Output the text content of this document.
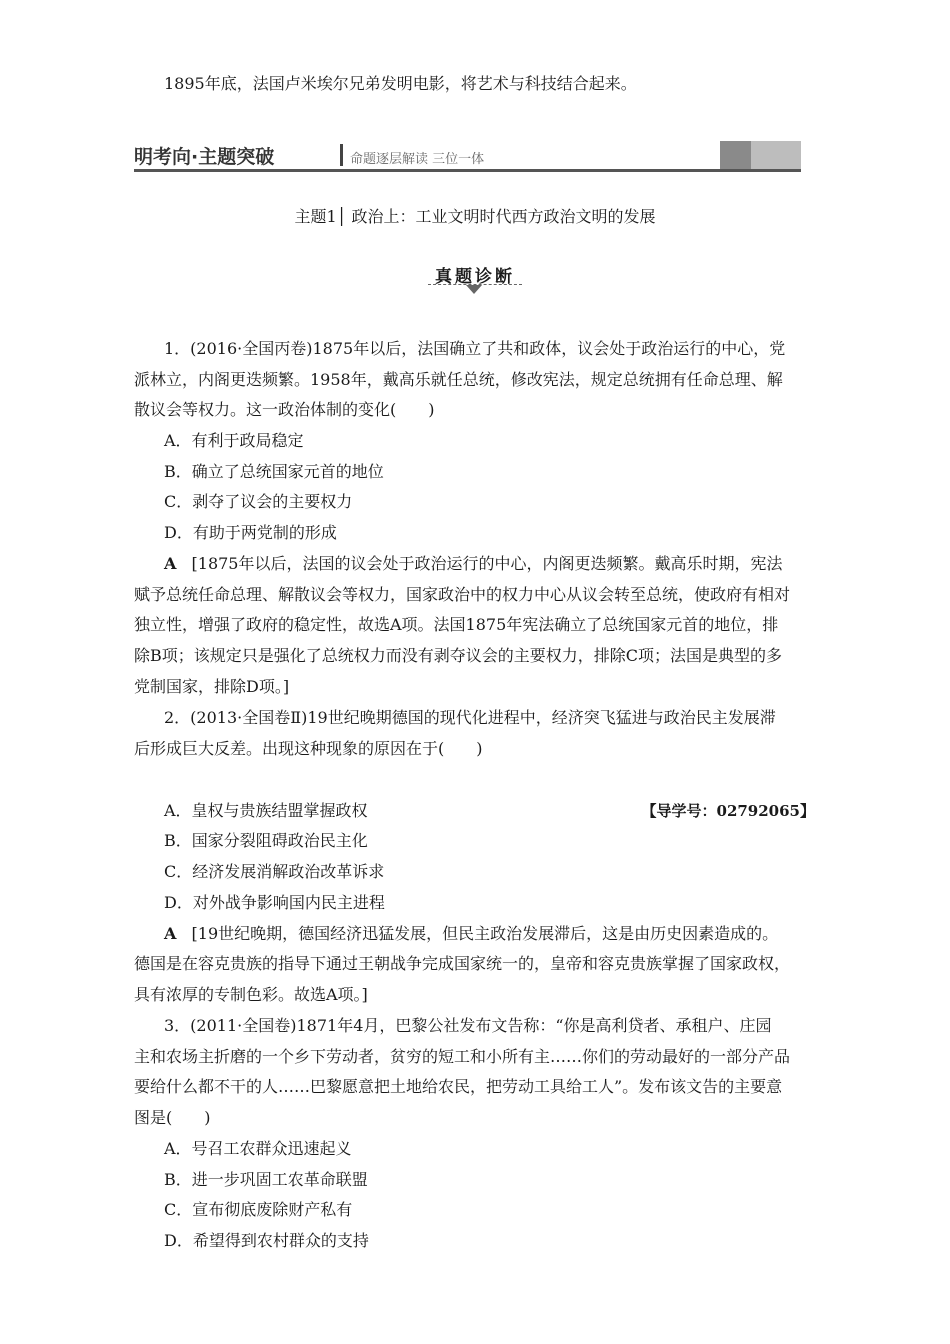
1895年底，法国卢米埃尔兄弟发明电影，将艺术与科技结合起来。
明考向·主题突破	命题逐层解读 三位一体
主题1│ 政治上：工业文明时代西方政治文明的发展
真题诊断
1．(2016·全国丙卷)1875年以后，法国确立了共和政体，议会处于政治运行的中心，党
派林立，内阁更迭频繁。1958年，戴高乐就任总统，修改宪法，规定总统拥有任命总理、解
散议会等权力。这一政治体制的变化(　　)
A．有利于政局稳定
B．确立了总统国家元首的地位
C．剥夺了议会的主要权力
D．有助于两党制的形成
A [1875年以后，法国的议会处于政治运行的中心，内阁更迭频繁。戴高乐时期，宪法
赋予总统任命总理、解散议会等权力，国家政治中的权力中心从议会转至总统，使政府有相对
独立性，增强了政府的稳定性，故选A项。法国1875年宪法确立了总统国家元首的地位，排
除B项；该规定只是强化了总统权力而没有剥夺议会的主要权力，排除C项；法国是典型的多
党制国家，排除D项。]
2．(2013·全国卷Ⅱ)19世纪晚期德国的现代化进程中，经济突飞猛进与政治民主发展滞
后形成巨大反差。出现这种现象的原因在于(　　)
【导学号：02792065】
A．皇权与贵族结盟掌握政权
B．国家分裂阻碍政治民主化
C．经济发展消解政治改革诉求
D．对外战争影响国内民主进程
A [19世纪晚期，德国经济迅猛发展，但民主政治发展滞后，这是由历史因素造成的。
德国是在容克贵族的指导下通过王朝战争完成国家统一的，皇帝和容克贵族掌握了国家政权，
具有浓厚的专制色彩。故选A项。]
3．(2011·全国卷)1871年4月，巴黎公社发布文告称：“你是高利贷者、承租户、庄园
主和农场主折磨的一个乡下劳动者，贫穷的短工和小所有主……你们的劳动最好的一部分产品
要给什么都不干的人……巴黎愿意把土地给农民，把劳动工具给工人”。发布该文告的主要意
图是(　　)
A．号召工农群众迅速起义
B．进一步巩固工农革命联盟
C．宣布彻底废除财产私有
D．希望得到农村群众的支持
